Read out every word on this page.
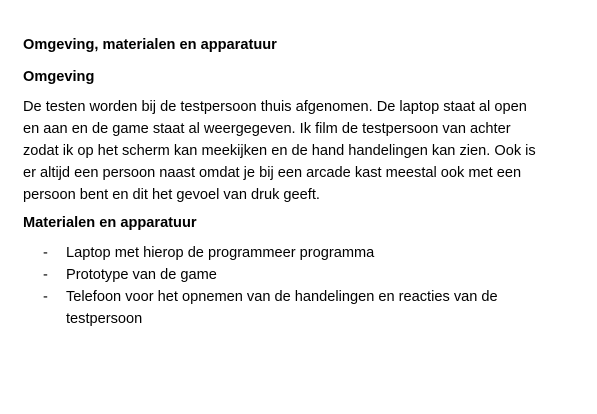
Omgeving, materialen en apparatuur
Omgeving

De testen worden bij de testpersoon thuis afgenomen. De laptop staat al open
en aan en de game staat al weergegeven. Ik film de testpersoon van achter
zodat ik op het scherm kan meekijken en de hand handelingen kan zien. Ook is
er altijd een persoon naast omdat je bij een arcade kast meestal ook met een
persoon bent en dit het gevoel van druk geeft.

Materialen en apparatuur
- Laptop met hierop de programmeer programma
- Prototype van de game
- Telefoon voor het opnemen van de handelingen en reacties van de
testpersoon
